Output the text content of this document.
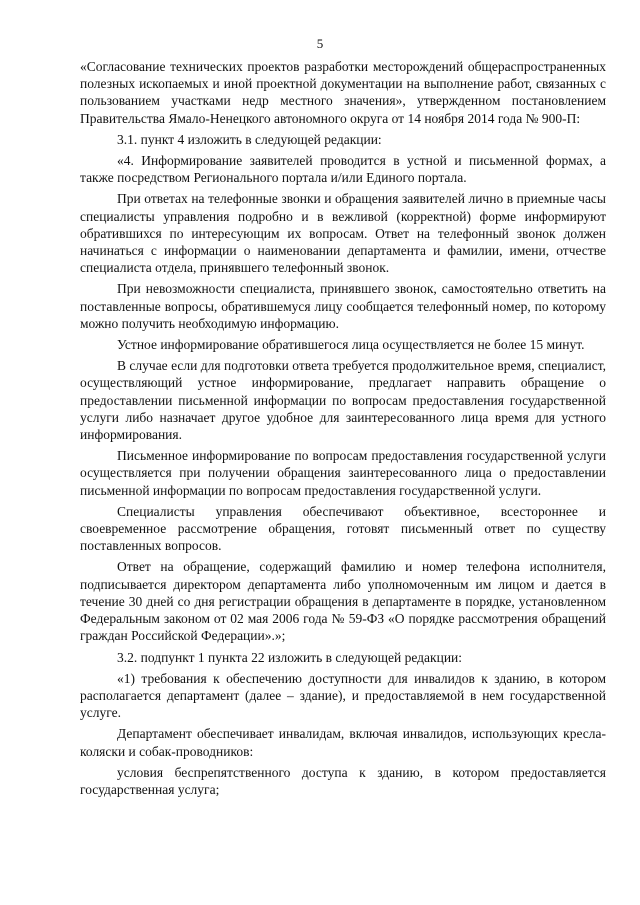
5

«Согласование технических проектов разработки месторождений общераспространенных полезных ископаемых и иной проектной документации на выполнение работ, связанных с пользованием участками недр местного значения», утвержденном постановлением Правительства Ямало-Ненецкого автономного округа от 14 ноября 2014 года № 900-П:

3.1. пункт 4 изложить в следующей редакции:

«4. Информирование заявителей проводится в устной и письменной формах, а также посредством Регионального портала и/или Единого портала.

При ответах на телефонные звонки и обращения заявителей лично в приемные часы специалисты управления подробно и в вежливой (корректной) форме информируют обратившихся по интересующим их вопросам. Ответ на телефонный звонок должен начинаться с информации о наименовании департамента и фамилии, имени, отчестве специалиста отдела, принявшего телефонный звонок.

При невозможности специалиста, принявшего звонок, самостоятельно ответить на поставленные вопросы, обратившемуся лицу сообщается телефонный номер, по которому можно получить необходимую информацию.

Устное информирование обратившегося лица осуществляется не более 15 минут.

В случае если для подготовки ответа требуется продолжительное время, специалист, осуществляющий устное информирование, предлагает направить обращение о предоставлении письменной информации по вопросам предоставления государственной услуги либо назначает другое удобное для заинтересованного лица время для устного информирования.

Письменное информирование по вопросам предоставления государственной услуги осуществляется при получении обращения заинтересованного лица о предоставлении письменной информации по вопросам предоставления государственной услуги.

Специалисты управления обеспечивают объективное, всестороннее и своевременное рассмотрение обращения, готовят письменный ответ по существу поставленных вопросов.

Ответ на обращение, содержащий фамилию и номер телефона исполнителя, подписывается директором департамента либо уполномоченным им лицом и дается в течение 30 дней со дня регистрации обращения в департаменте в порядке, установленном Федеральным законом от 02 мая 2006 года № 59-ФЗ «О порядке рассмотрения обращений граждан Российской Федерации».»;

3.2. подпункт 1 пункта 22 изложить в следующей редакции:

«1) требования к обеспечению доступности для инвалидов к зданию, в котором располагается департамент (далее – здание), и предоставляемой в нем государственной услуге.

Департамент обеспечивает инвалидам, включая инвалидов, использующих кресла-коляски и собак-проводников:

условия беспрепятственного доступа к зданию, в котором предоставляется государственная услуга;
